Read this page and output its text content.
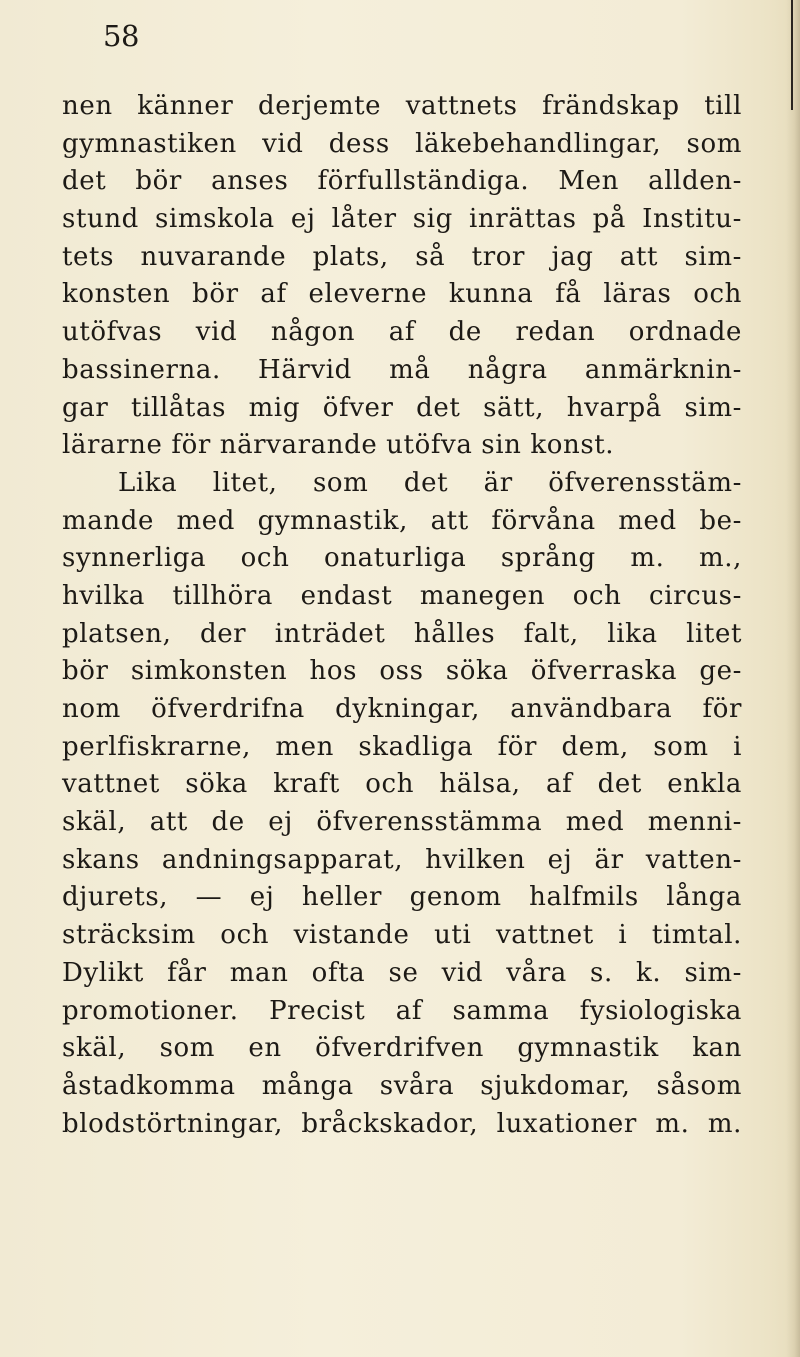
58
nen känner derjemte vattnets frändskap till
gymnastiken vid dess läkebehandlingar, som
det bör anses förfullständiga. Men allden-
stund simskola ej låter sig inrättas på Institu-
tets nuvarande plats, så tror jag att sim-
konsten bör af eleverne kunna få läras och
utöfvas vid någon af de redan ordnade
bassinerna. Härvid må några anmärknin-
gar tillåtas mig öfver det sätt, hvarpå sim-
lärarne för närvarande utöfva sin konst.
Lika litet, som det är öfverensstäm-
mande med gymnastik, att förvåna med be-
synnerliga och onaturliga språng m. m.,
hvilka tillhöra endast manegen och circus-
platsen, der inträdet hålles falt, lika litet
bör simkonsten hos oss söka öfverraska ge-
nom öfverdrifna dykningar, användbara för
perlfiskrarne, men skadliga för dem, som i
vattnet söka kraft och hälsa, af det enkla
skäl, att de ej öfverensstämma med menni-
skans andningsapparat, hvilken ej är vatten-
djurets, — ej heller genom halfmils långa
sträcksim och vistande uti vattnet i timtal.
Dylikt får man ofta se vid våra s. k. sim-
promotioner. Precist af samma fysiologiska
skäl, som en öfverdrifven gymnastik kan
åstadkomma många svåra sjukdomar, såsom
blodstörtningar, bråckskador, luxationer m. m.
